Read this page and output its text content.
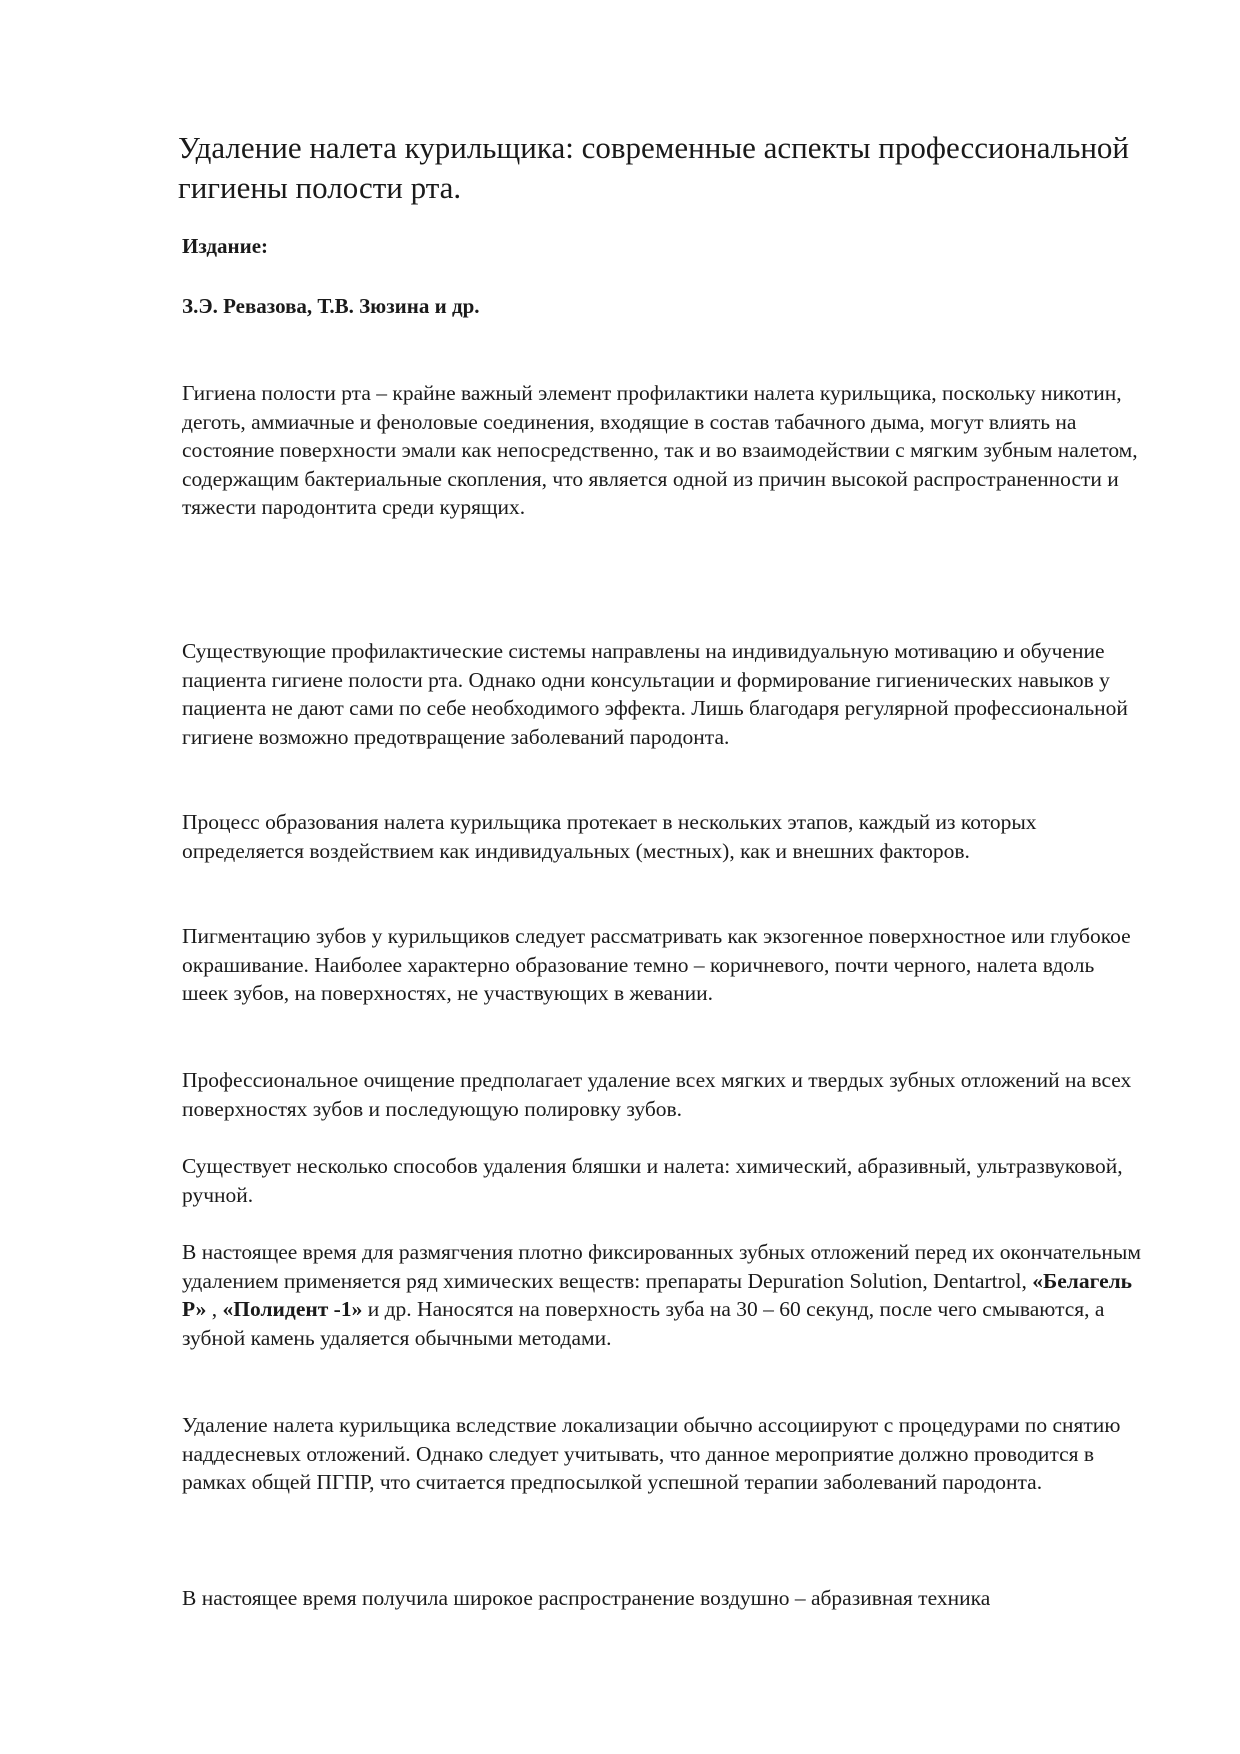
Удаление налета курильщика: современные аспекты профессиональной гигиены полости рта.

Издание:

З.Э. Ревазова, Т.В. Зюзина и др.

Гигиена полости рта – крайне важный элемент профилактики налета курильщика, поскольку никотин, деготь, аммиачные и феноловые соединения, входящие в состав табачного дыма, могут влиять на состояние поверхности эмали как непосредственно, так и во взаимодействии с мягким зубным налетом, содержащим бактериальные скопления, что является одной из причин высокой распространенности и тяжести пародонтита среди курящих.

Существующие профилактические системы направлены на индивидуальную мотивацию и обучение пациента гигиене полости рта. Однако одни консультации и формирование гигиенических навыков у пациента не дают сами по себе необходимого эффекта. Лишь благодаря регулярной профессиональной гигиене возможно предотвращение заболеваний пародонта.

Процесс образования налета курильщика протекает в нескольких этапов, каждый из которых определяется воздействием как индивидуальных (местных), как и внешних факторов.

Пигментацию зубов у курильщиков следует рассматривать как экзогенное поверхностное или глубокое окрашивание. Наиболее характерно образование темно – коричневого, почти черного, налета вдоль шеек зубов, на поверхностях, не участвующих в жевании.

Профессиональное очищение предполагает удаление всех мягких и твердых зубных отложений на всех поверхностях зубов и последующую полировку зубов.

Существует несколько способов удаления бляшки и налета: химический, абразивный, ультразвуковой, ручной.

В настоящее время для размягчения плотно фиксированных зубных отложений перед их окончательным удалением применяется ряд химических веществ: препараты Depuration Solution, Dentartrol, «Белагель Р» , «Полидент -1» и др. Наносятся на поверхность зуба на 30 – 60 секунд, после чего смываются, а зубной камень удаляется обычными методами.

Удаление налета курильщика вследствие локализации обычно ассоциируют с процедурами по снятию наддесневых отложений. Однако следует учитывать, что данное мероприятие должно проводится в рамках общей ПГПР, что считается предпосылкой успешной терапии заболеваний пародонта.

В настоящее время получила широкое распространение воздушно – абразивная техника
